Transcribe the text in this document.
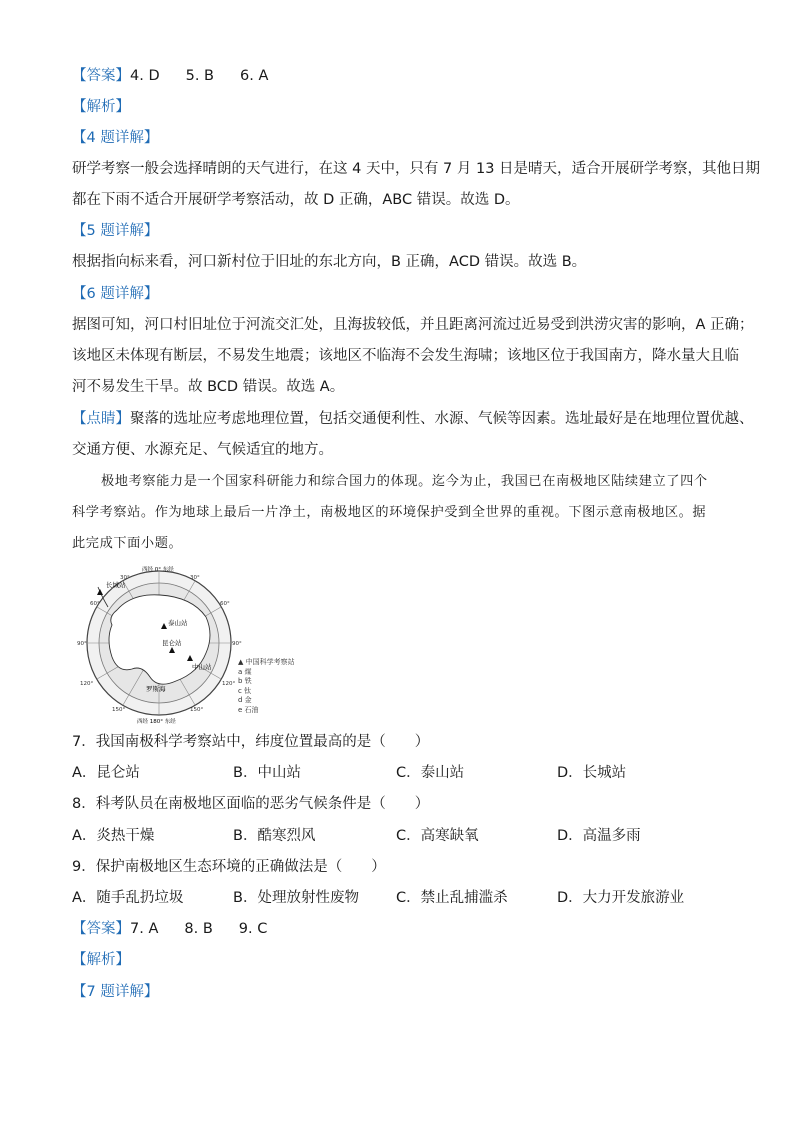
【答案】4. D 5. B 6. A
【解析】
【4 题详解】
研学考察一般会选择晴朗的天气进行，在这 4 天中，只有 7 月 13 日是晴天，适合开展研学考察，其他日期
都在下雨不适合开展研学考察活动，故 D 正确，ABC 错误。故选 D。
【5 题详解】
根据指向标来看，河口新村位于旧址的东北方向，B 正确，ACD 错误。故选 B。
【6 题详解】
据图可知，河口村旧址位于河流交汇处，且海拔较低，并且距离河流过近易受到洪涝灾害的影响，A 正确；
该地区未体现有断层，不易发生地震；该地区不临海不会发生海啸；该地区位于我国南方，降水量大且临
河不易发生干旱。故 BCD 错误。故选 A。
【点睛】聚落的选址应考虑地理位置，包括交通便利性、水源、气候等因素。选址最好是在地理位置优越、
交通方便、水源充足、气候适宜的地方。
极地考察能力是一个国家科研能力和综合国力的体现。迄今为止，我国已在南极地区陆续建立了四个
科学考察站。作为地球上最后一片净土，南极地区的环境保护受到全世界的重视。下图示意南极地区。据
此完成下面小题。
长城站
泰山站
昆仑站
中山站
罗斯海
30°	30°
60°	60°
90°	90°
120°	120°
150°	150°
西经 0° 东经
西经 180° 东经
▲ 中国科学考察站
a 煤
b 铁
c 钛
d 金
e 石油
7．我国南极科学考察站中，纬度位置最高的是（　　）
A．昆仑站	B．中山站	C．泰山站	D．长城站
8．科考队员在南极地区面临的恶劣气候条件是（　　）
A．炎热干燥	B．酷寒烈风	C．高寒缺氧	D．高温多雨
9．保护南极地区生态环境的正确做法是（　　）
A．随手乱扔垃圾	B．处理放射性废物	C．禁止乱捕滥杀	D．大力开发旅游业
【答案】7. A 8. B 9. C
【解析】
【7 题详解】
